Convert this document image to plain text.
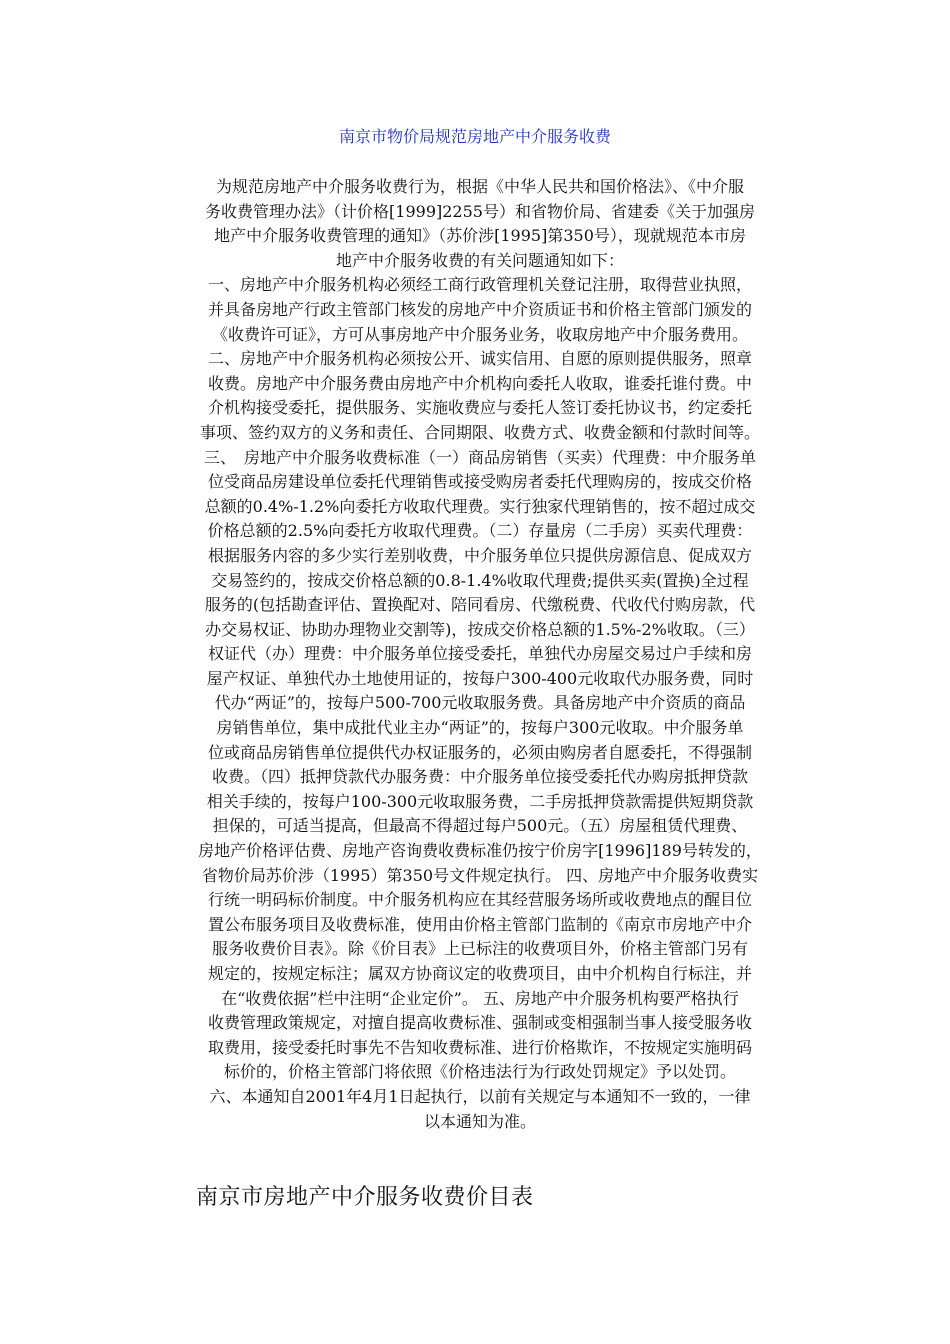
南京市物价局规范房地产中介服务收费

为规范房地产中介服务收费行为，根据《中华人民共和国价格法》、《中介服

务收费管理办法》（计价格[1999]2255号）和省物价局、省建委《关于加强房

地产中介服务收费管理的通知》（苏价涉[1995]第350号），现就规范本市房

地产中介服务收费的有关问题通知如下：

一、房地产中介服务机构必须经工商行政管理机关登记注册，取得营业执照，

并具备房地产行政主管部门核发的房地产中介资质证书和价格主管部门颁发的

《收费许可证》，方可从事房地产中介服务业务，收取房地产中介服务费用。

二、房地产中介服务机构必须按公开、诚实信用、自愿的原则提供服务，照章

收费。房地产中介服务费由房地产中介机构向委托人收取，谁委托谁付费。中

介机构接受委托，提供服务、实施收费应与委托人签订委托协议书，约定委托

事项、签约双方的义务和责任、合同期限、收费方式、收费金额和付款时间等。

三、　房地产中介服务收费标准（一）商品房销售（买卖）代理费：中介服务单

位受商品房建设单位委托代理销售或接受购房者委托代理购房的，按成交价格

总额的0.4%-1.2%向委托方收取代理费。实行独家代理销售的，按不超过成交

价格总额的2.5%向委托方收取代理费。（二）存量房（二手房）买卖代理费：

根据服务内容的多少实行差别收费，中介服务单位只提供房源信息、促成双方

交易签约的，按成交价格总额的0.8-1.4%收取代理费;提供买卖(置换)全过程

服务的(包括勘查评估、置换配对、陪同看房、代缴税费、代收代付购房款，代

办交易权证、协助办理物业交割等)，按成交价格总额的1.5%-2%收取。（三）

权证代（办）理费：中介服务单位接受委托，单独代办房屋交易过户手续和房

屋产权证、单独代办土地使用证的，按每户300-400元收取代办服务费，同时

代办“两证”的，按每户500-700元收取服务费。具备房地产中介资质的商品

房销售单位，集中成批代业主办“两证”的，按每户300元收取。中介服务单

位或商品房销售单位提供代办权证服务的，必须由购房者自愿委托，不得强制

收费。（四）抵押贷款代办服务费：中介服务单位接受委托代办购房抵押贷款

相关手续的，按每户100-300元收取服务费，二手房抵押贷款需提供短期贷款

担保的，可适当提高，但最高不得超过每户500元。（五）房屋租赁代理费、

房地产价格评估费、房地产咨询费收费标准仍按宁价房字[1996]189号转发的，

省物价局苏价涉（1995）第350号文件规定执行。 四、房地产中介服务收费实

行统一明码标价制度。中介服务机构应在其经营服务场所或收费地点的醒目位

置公布服务项目及收费标准，使用由价格主管部门监制的《南京市房地产中介

服务收费价目表》。除《价目表》上已标注的收费项目外，价格主管部门另有

规定的，按规定标注；属双方协商议定的收费项目，由中介机构自行标注，并

在“收费依据”栏中注明“企业定价”。 五、房地产中介服务机构要严格执行

收费管理政策规定，对擅自提高收费标准、强制或变相强制当事人接受服务收

取费用，接受委托时事先不告知收费标准、进行价格欺诈，不按规定实施明码

标价的，价格主管部门将依照《价格违法行为行政处罚规定》予以处罚。

六、本通知自2001年4月1日起执行，以前有关规定与本通知不一致的，一律

以本通知为准。

南京市房地产中介服务收费价目表
